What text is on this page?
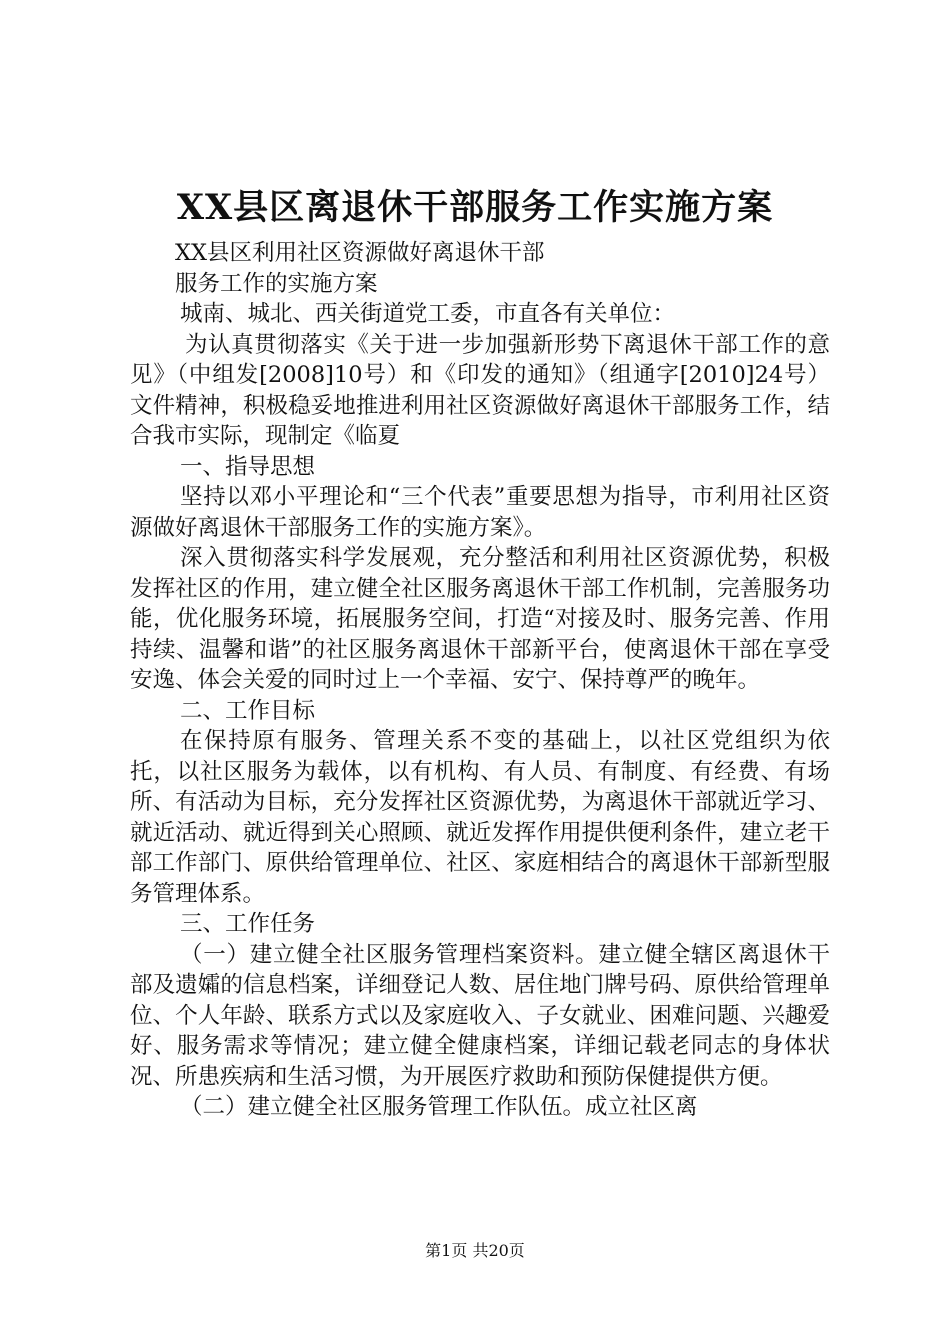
XX县区离退休干部服务工作实施方案

XX县区利用社区资源做好离退休干部

服务工作的实施方案

城南、城北、西关街道党工委，市直各有关单位：

为认真贯彻落实《关于进一步加强新形势下离退休干部工作的意见》（中组发[2008]10号）和《印发的通知》（组通字[2010]24号）文件精神，积极稳妥地推进利用社区资源做好离退休干部服务工作，结合我市实际，现制定《临夏

一、指导思想

坚持以邓小平理论和“三个代表”重要思想为指导，市利用社区资源做好离退休干部服务工作的实施方案》。

深入贯彻落实科学发展观，充分整活和利用社区资源优势，积极发挥社区的作用，建立健全社区服务离退休干部工作机制，完善服务功能，优化服务环境，拓展服务空间，打造“对接及时、服务完善、作用持续、温馨和谐”的社区服务离退休干部新平台，使离退休干部在享受安逸、体会关爱的同时过上一个幸福、安宁、保持尊严的晚年。

二、工作目标

在保持原有服务、管理关系不变的基础上，以社区党组织为依托，以社区服务为载体，以有机构、有人员、有制度、有经费、有场所、有活动为目标，充分发挥社区资源优势，为离退休干部就近学习、就近活动、就近得到关心照顾、就近发挥作用提供便利条件，建立老干部工作部门、原供给管理单位、社区、家庭相结合的离退休干部新型服务管理体系。

三、工作任务

（一）建立健全社区服务管理档案资料。建立健全辖区离退休干部及遗孀的信息档案，详细登记人数、居住地门牌号码、原供给管理单位、个人年龄、联系方式以及家庭收入、子女就业、困难问题、兴趣爱好、服务需求等情况；建立健全健康档案，详细记载老同志的身体状况、所患疾病和生活习惯，为开展医疗救助和预防保健提供方便。

（二）建立健全社区服务管理工作队伍。成立社区离

第1页 共20页
